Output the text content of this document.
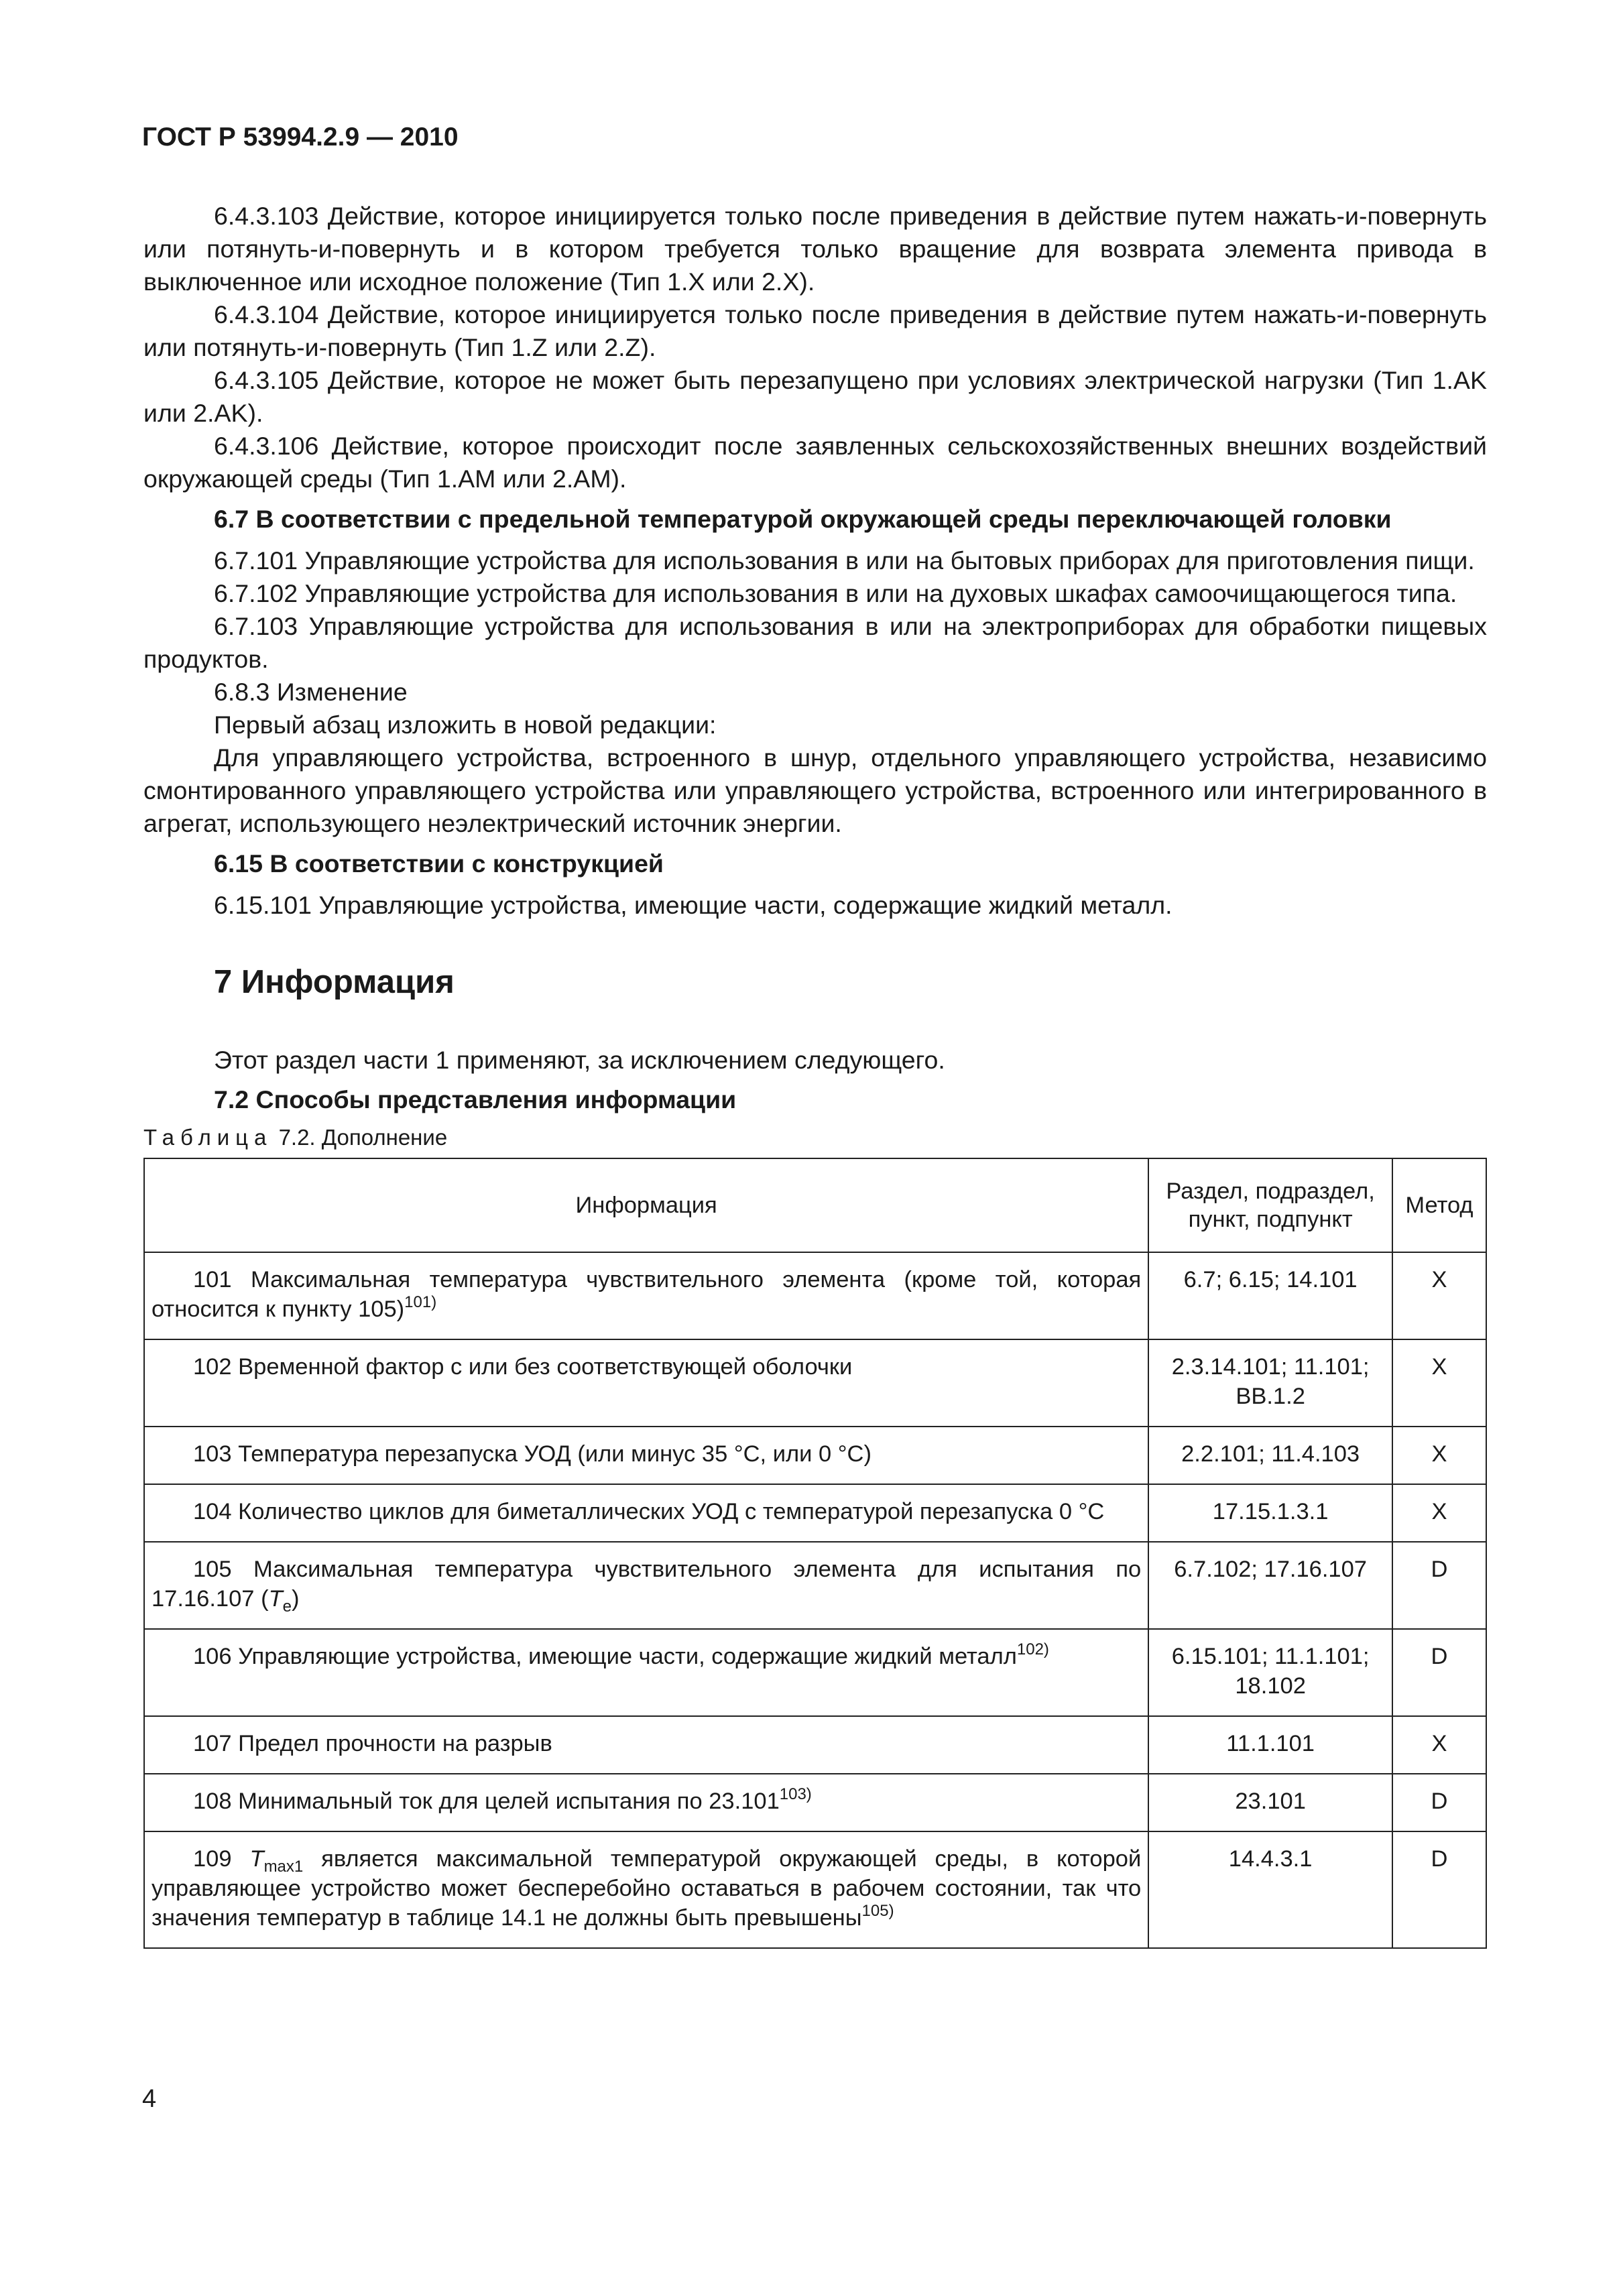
ГОСТ Р 53994.2.9 — 2010

6.4.3.103 Действие, которое инициируется только после приведения в действие путем нажать-и-повернуть или потянуть-и-повернуть и в котором требуется только вращение для возврата элемента привода в выключенное или исходное положение (Тип 1.X или 2.X).

6.4.3.104 Действие, которое инициируется только после приведения в действие путем нажать-и-повернуть или потянуть-и-повернуть (Тип 1.Z или 2.Z).

6.4.3.105 Действие, которое не может быть перезапущено при условиях электрической нагрузки (Тип 1.AK или 2.AK).

6.4.3.106 Действие, которое происходит после заявленных сельскохозяйственных внешних воздействий окружающей среды (Тип 1.AM или 2.AM).

6.7 В соответствии с предельной температурой окружающей среды переключающей головки

6.7.101 Управляющие устройства для использования в или на бытовых приборах для приготовления пищи.

6.7.102 Управляющие устройства для использования в или на духовых шкафах самоочищающегося типа.

6.7.103 Управляющие устройства для использования в или на электроприборах для обработки пищевых продуктов.

6.8.3 Изменение

Первый абзац изложить в новой редакции:

Для управляющего устройства, встроенного в шнур, отдельного управляющего устройства, независимо смонтированного управляющего устройства или управляющего устройства, встроенного или интегрированного в агрегат, использующего неэлектрический источник энергии.

6.15 В соответствии с конструкцией

6.15.101 Управляющие устройства, имеющие части, содержащие жидкий металл.

7 Информация

Этот раздел части 1 применяют, за исключением следующего.

7.2 Способы представления информации

Таблица 7.2. Дополнение

Информация	Раздел, подраздел, пункт, подпункт	Метод
101 Максимальная температура чувствительного элемента (кроме той, которая относится к пункту 105)$^{101)}$	6.7; 6.15; 14.101	X
102 Временной фактор с или без соответствующей оболочки	2.3.14.101; 11.101; ВВ.1.2	X
103 Температура перезапуска УОД (или минус 35 °С, или 0 °С)	2.2.101; 11.4.103	X
104 Количество циклов для биметаллических УОД с температурой перезапуска 0 °С	17.15.1.3.1	X
105 Максимальная температура чувствительного элемента для испытания по 17.16.107 $(T_e)$	6.7.102; 17.16.107	D
106 Управляющие устройства, имеющие части, содержащие жидкий металл$^{102)}$	6.15.101; 11.1.101; 18.102	D
107 Предел прочности на разрыв	11.1.101	X
108 Минимальный ток для целей испытания по 23.101$^{103)}$	23.101	D
109 $T_{max1}$ является максимальной температурой окружающей среды, в которой управляющее устройство может бесперебойно оставаться в рабочем состоянии, так что значения температур в таблице 14.1 не должны быть превышены$^{105)}$	14.4.3.1	D
4
